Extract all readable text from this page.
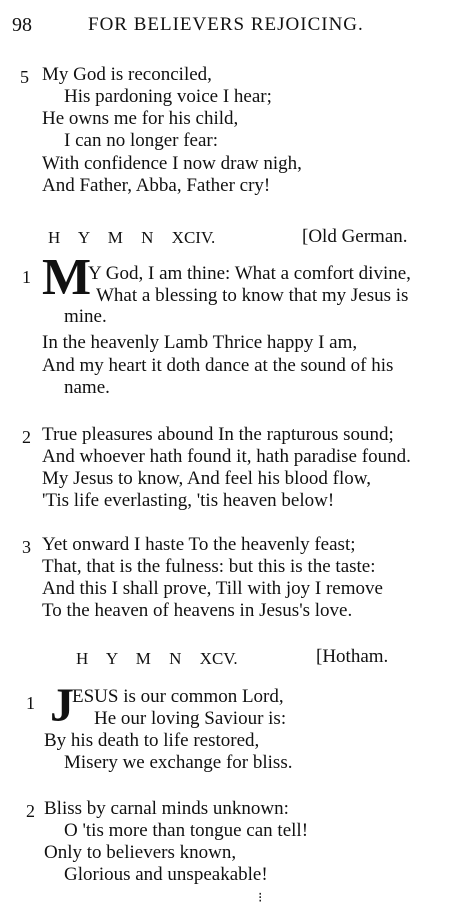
98	FOR BELIEVERS REJOICING.
5 My God is reconciled,
His pardoning voice I hear;
He owns me for his child,
I can no longer fear:
With confidence I now draw nigh,
And Father, Abba, Father cry!
H Y M N XCIV.	[Old German.
1 M
Y God, I am thine: What a comfort divine,
What a blessing to know that my Jesus is
mine.
In the heavenly Lamb Thrice happy I am,
And my heart it doth dance at the sound of his
name.
2 True pleasures abound In the rapturous sound;
And whoever hath found it, hath paradise found.
My Jesus to know, And feel his blood flow,
'Tis life everlasting, 'tis heaven below!
3 Yet onward I haste To the heavenly feast;
That, that is the fulness: but this is the taste:
And this I shall prove, Till with joy I remove
To the heaven of heavens in Jesus's love.
H Y M N XCV.	[Hotham.
1 J
ESUS is our common Lord,
He our loving Saviour is:
By his death to life restored,
Misery we exchange for bliss.
2 Bliss by carnal minds unknown:
O 'tis more than tongue can tell!
Only to believers known,
Glorious and unspeakable!
⁝
